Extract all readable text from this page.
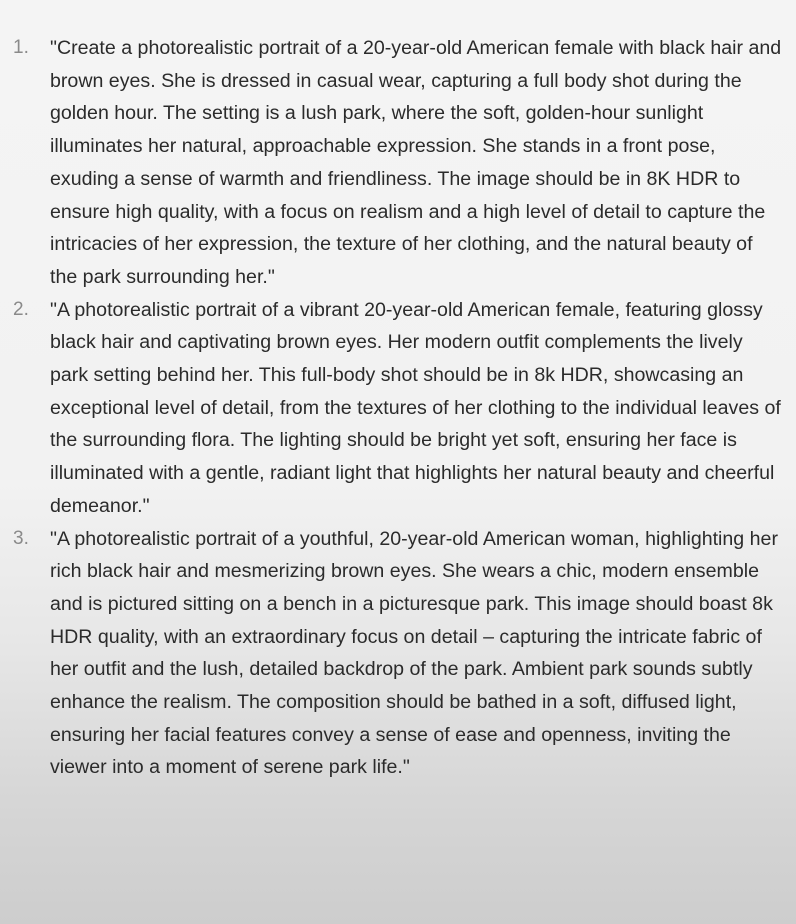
1. "Create a photorealistic portrait of a 20-year-old American female with black hair and brown eyes. She is dressed in casual wear, capturing a full body shot during the golden hour. The setting is a lush park, where the soft, golden-hour sunlight illuminates her natural, approachable expression. She stands in a front pose, exuding a sense of warmth and friendliness. The image should be in 8K HDR to ensure high quality, with a focus on realism and a high level of detail to capture the intricacies of her expression, the texture of her clothing, and the natural beauty of the park surrounding her."
2. "A photorealistic portrait of a vibrant 20-year-old American female, featuring glossy black hair and captivating brown eyes. Her modern outfit complements the lively park setting behind her. This full-body shot should be in 8k HDR, showcasing an exceptional level of detail, from the textures of her clothing to the individual leaves of the surrounding flora. The lighting should be bright yet soft, ensuring her face is illuminated with a gentle, radiant light that highlights her natural beauty and cheerful demeanor."
3. "A photorealistic portrait of a youthful, 20-year-old American woman, highlighting her rich black hair and mesmerizing brown eyes. She wears a chic, modern ensemble and is pictured sitting on a bench in a picturesque park. This image should boast 8k HDR quality, with an extraordinary focus on detail – capturing the intricate fabric of her outfit and the lush, detailed backdrop of the park. Ambient park sounds subtly enhance the realism. The composition should be bathed in a soft, diffused light, ensuring her facial features convey a sense of ease and openness, inviting the viewer into a moment of serene park life."
